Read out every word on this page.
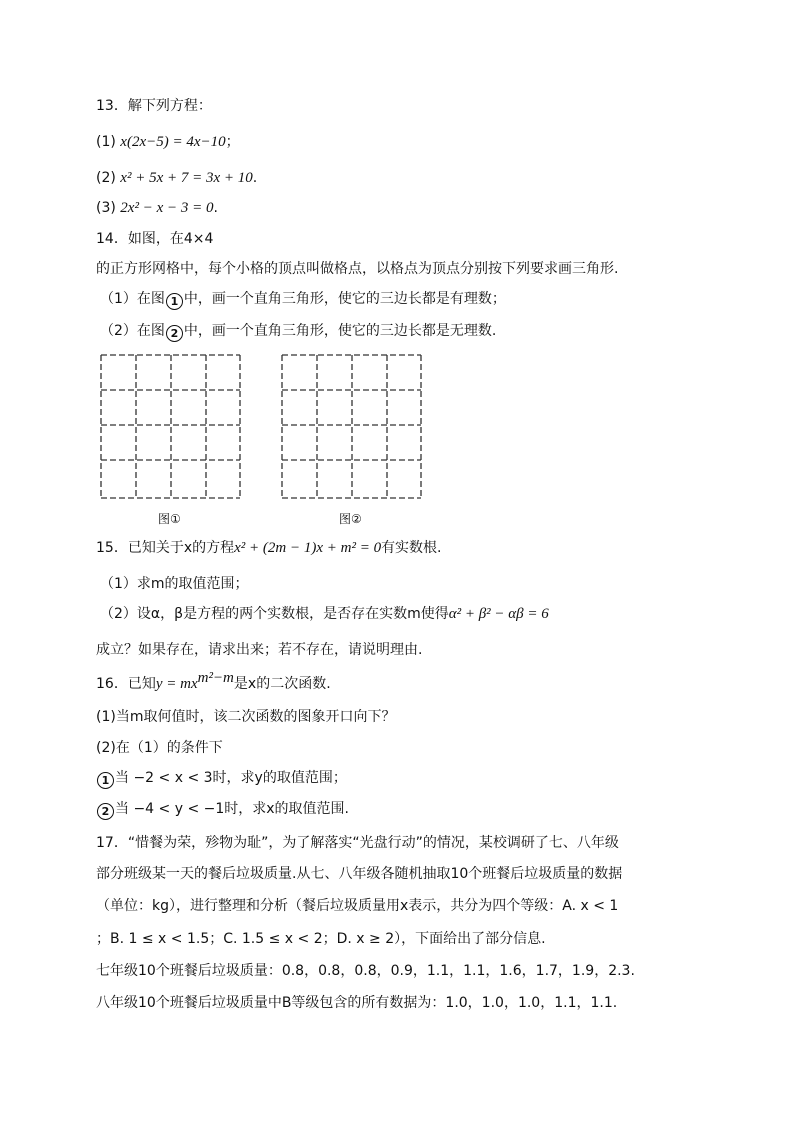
13．解下列方程：
(1) x(2x−5) = 4x−10；
(2) x² + 5x + 7 = 3x + 10.
(3) 2x² − x − 3 = 0.
14．如图，在4×4
的正方形网格中，每个小格的顶点叫做格点，以格点为顶点分别按下列要求画三角形.
（1）在图 1 中，画一个直角三角形，使它的三边长都是有理数；
（2）在图 2 中，画一个直角三角形，使它的三边长都是无理数.
图①	图②
15．已知关于x的方程x² + (2m − 1)x + m² = 0有实数根.
（1）求m的取值范围；
（2）设α，β是方程的两个实数根，是否存在实数m使得α² + β² − αβ = 6
成立？如果存在，请求出来；若不存在，请说明理由.
16．已知$y = mx^{m^2-m}$是x的二次函数.
(1)当m取何值时，该二次函数的图象开口向下？
(2)在（1）的条件下
1 当 −2 < x < 3时，求y的取值范围；
2 当 −4 < y < −1时，求x的取值范围.
17．“惜餐为荣，殄物为耻”，为了解落实“光盘行动”的情况，某校调研了七、八年级
部分班级某一天的餐后垃圾质量.从七、八年级各随机抽取10个班餐后垃圾质量的数据
（单位：kg），进行整理和分析（餐后垃圾质量用x表示，共分为四个等级：A. x < 1
；B. 1 ≤ x < 1.5；C. 1.5 ≤ x < 2；D. x ≥ 2），下面给出了部分信息.
七年级10个班餐后垃圾质量：0.8，0.8，0.8，0.9，1.1，1.1，1.6，1.7，1.9，2.3.
八年级10个班餐后垃圾质量中B等级包含的所有数据为：1.0，1.0，1.0，1.1，1.1.
